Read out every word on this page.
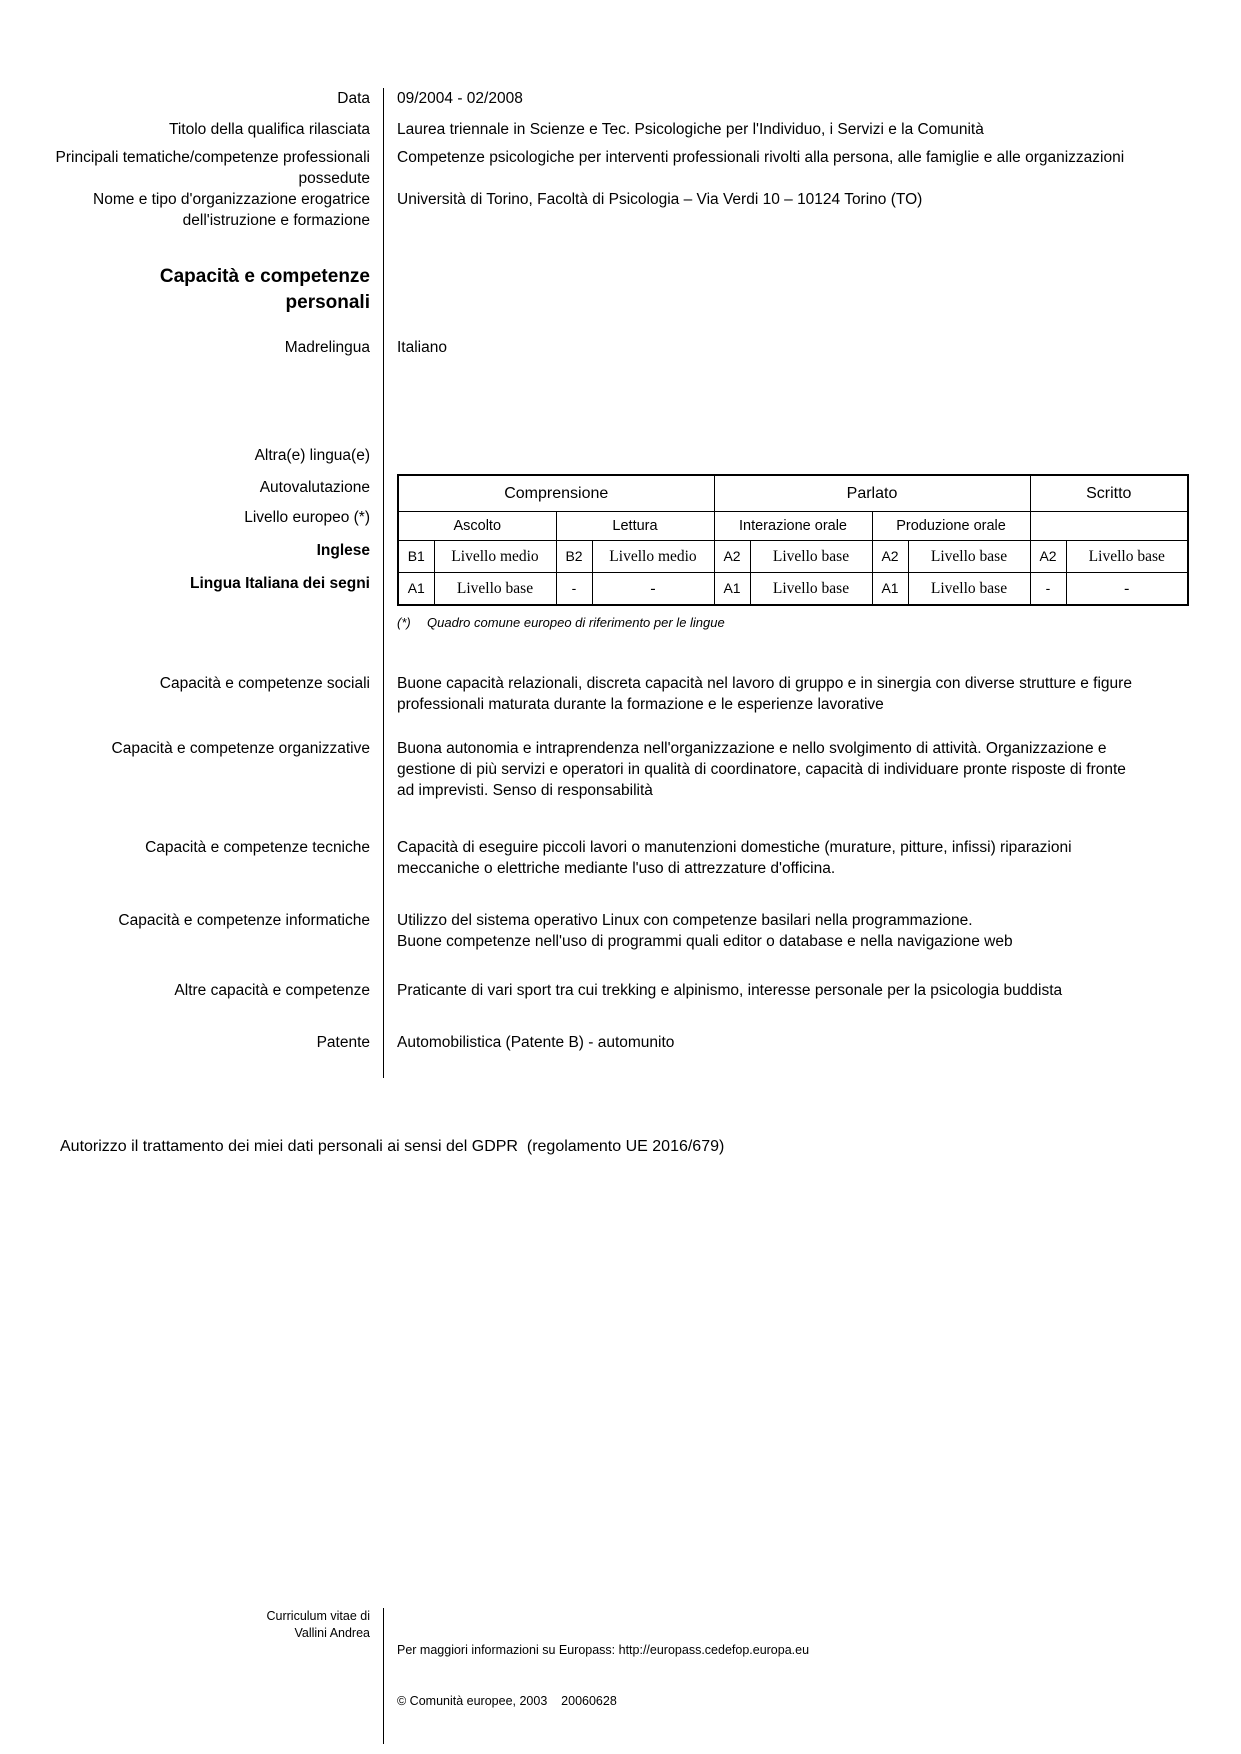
Data 09/2004 - 02/2008

Titolo della qualifica rilasciata Laurea triennale in Scienze e Tec. Psicologiche per l'Individuo, i Servizi e la Comunità

Principali tematiche/competenze professionali possedute

Competenze psicologiche per interventi professionali rivolti alla persona, alle famiglie e alle organizzazioni

Nome e tipo d'organizzazione erogatrice dell'istruzione e formazione

Università di Torino, Facoltà di Psicologia – Via Verdi 10 – 10124 Torino (TO)

Capacità e competenze personali
Madrelingua Italiano

Altra(e) lingua(e)
Autovalutazione
Livello europeo (*)
Inglese
Lingua Italiana dei segni
Comprensione				Parlato				Scritto	
Ascolto		Lettura		Interazione orale		Produzione orale			
B1	Livello medio	B2	Livello medio	A2	Livello base	A2	Livello base	A2	Livello base
A1	Livello base	-	-	A1	Livello base	A1	Livello base	-	-
(*)	Quadro comune europeo di riferimento per le lingue
Capacità e competenze sociali Buone capacità relazionali, discreta capacità nel lavoro di gruppo e in sinergia con diverse strutture e figure professionali maturata durante la formazione e le esperienze lavorative

Capacità e competenze organizzative Buona autonomia e intraprendenza nell'organizzazione e nello svolgimento di attività. Organizzazione e gestione di più servizi e operatori in qualità di coordinatore, capacità di individuare pronte risposte di fronte ad imprevisti. Senso di responsabilità

Capacità e competenze tecniche Capacità di eseguire piccoli lavori o manutenzioni domestiche (murature, pitture, infissi) riparazioni meccaniche o elettriche mediante l'uso di attrezzature d'officina.

Capacità e competenze informatiche Utilizzo del sistema operativo Linux con competenze basilari nella programmazione.

Buone competenze nell'uso di programmi quali editor o database e nella navigazione web

Altre capacità e competenze Praticante di vari sport tra cui trekking e alpinismo, interesse personale per la psicologia buddista

Patente Automobilistica (Patente B) - automunito

Autorizzo il trattamento dei miei dati personali ai sensi del GDPR  (regolamento UE 2016/679)
Curriculum vitae di
Vallini Andrea

Per maggiori informazioni su Europass: http://europass.cedefop.europa.eu

© Comunità europee, 2003    20060628
